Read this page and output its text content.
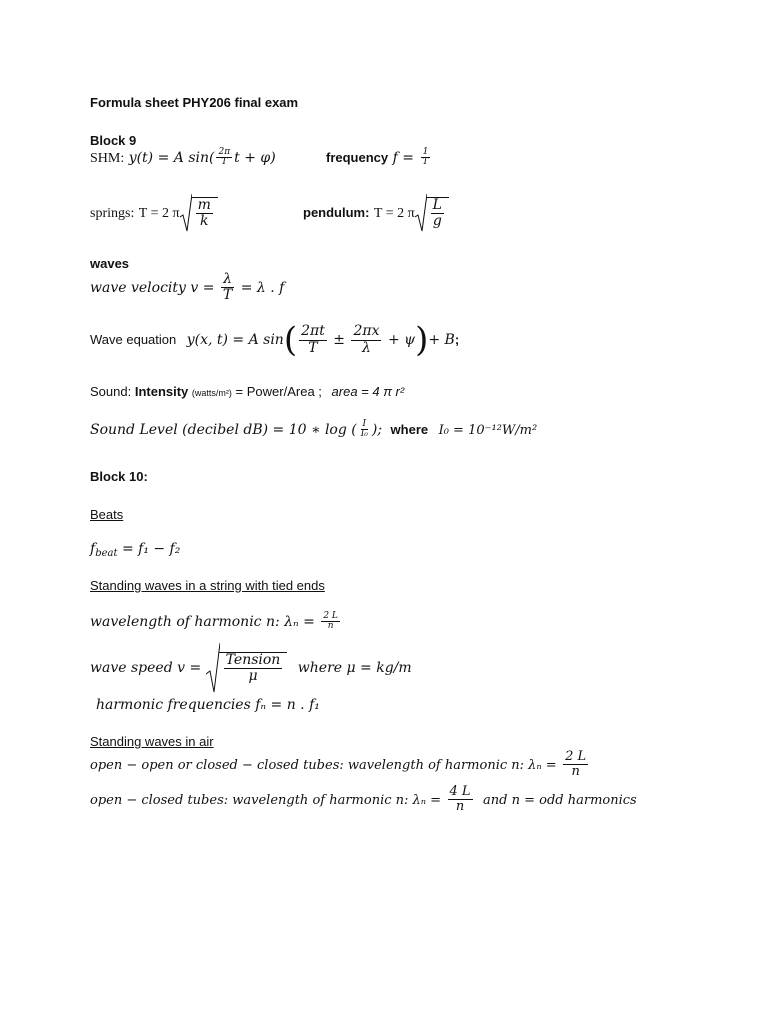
Formula sheet PHY206 final exam
Block 9
SHM: y(t) = A $\sin( \frac{2\pi}{T}$ t + φ)	frequency $f = \frac{1}{T}$
springs: T = 2 π $\frac{m}{k}$	pendulum: T = 2 π $\frac{L}{g}$
waves
wave velocity $v = \frac{\lambda}{T} = \lambda$ . f
Wave equation y(x, t) = A $\sin( \frac{2\pi t}{T} \pm \frac{2\pi x}{\lambda} + \psi)+ B$;
Sound: Intensity (watts/m²) = Power/Area ; area = 4 π r²
Sound Level (decibel dB) = 10 ∗ log ( $\frac{I}{\text{I₀}}$ ); where I₀ = 10⁻¹²W/m²
Block 10:
Beats
$f_{beat} = f_1 - f_2$
Standing waves in a string with tied ends
wavelength of harmonic n: $\lambda_n = \frac{2 L}{n}$
wave speed $v = \frac{\text{Tension}}{\mu}$ where μ = kg/m
harmonic frequencies fₙ = n . f₁
Standing waves in air
open − open or closed − closed tubes: wavelength of harmonic n: $\lambda_n = \frac{2 L}{n}$
open − closed tubes: wavelength of harmonic n: $\lambda_n = \frac{4 L}{n}$ and n = odd harmonics
